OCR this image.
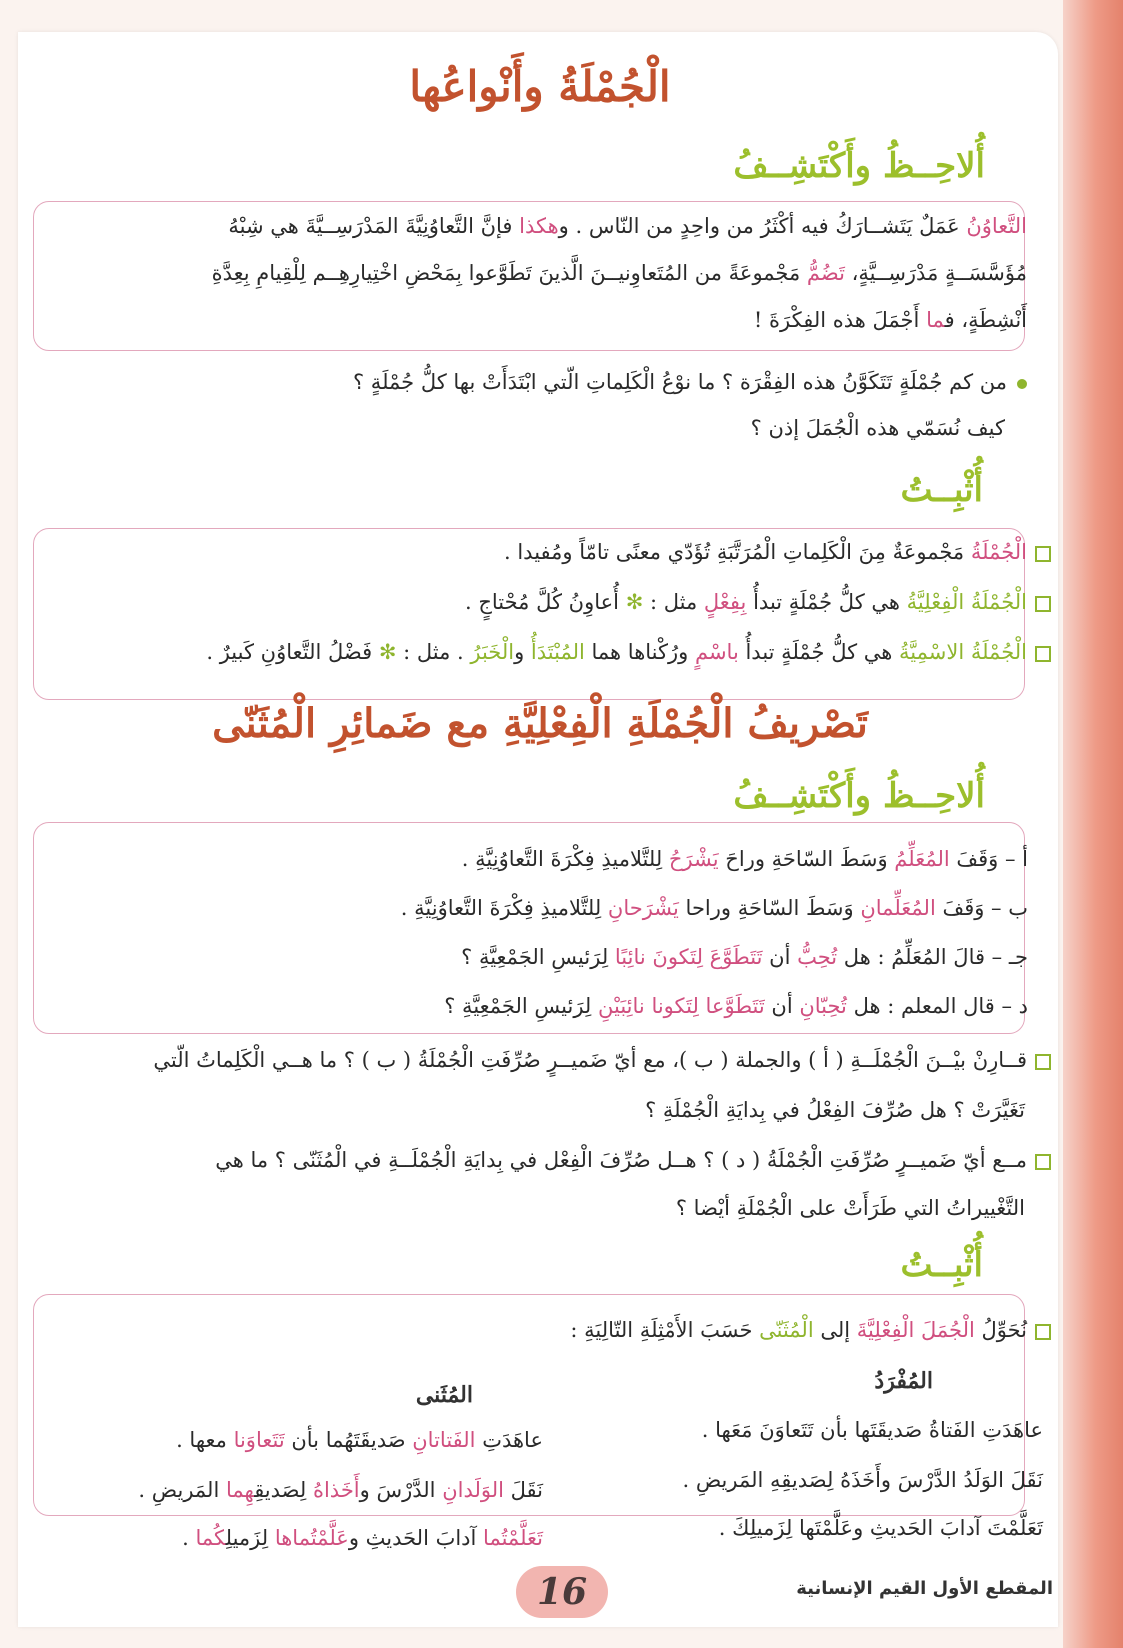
الْجُمْلَةُ وأَنْواعُها
أُلاحِــظُ وأَكْتَشِــفُ
التَّعاوُنُ عَمَلٌ يَتَشــارَكُ فيه أكْثَرُ من واحِدٍ من النّاس . وهكذا فإنَّ التَّعاوُنِيَّةَ المَدْرَسِــيَّةَ هي شِبْهُ
مُؤَسَّسَــةٍ مَدْرَسِــيَّةٍ، تَضُمُّ مَجْموعَةً من المُتَعاوِنيــنَ الَّذينَ تَطَوَّعوا بِمَحْضِ اخْتِيارِهِــم لِلْقِيامِ بِعِدَّةِ
أَنْشِطَةٍ، فما أَجْمَلَ هذه الفِكْرَةَ !
من كم جُمْلَةٍ تَتَكَوَّنُ هذه الفِقْرَة ؟ ما نوْعُ الْكَلِماتِ الّتي ابْتَدَأَتْ بها كلُّ جُمْلَةٍ ؟
كيف نُسَمّي هذه الْجُمَلَ إذن ؟
أُثْبِــتُ
الْجُمْلَةُ مَجْموعَةٌ مِنَ الْكَلِماتِ الْمُرَتَّبَةِ تُؤَدّي معنًى تامّاً ومُفيدا .
الْجُمْلَةُ الْفِعْلِيَّةُ هي كلُّ جُمْلَةٍ تبدأُ بِفِعْلٍ مثل : ✻ أُعاوِنُ كُلَّ مُحْتاجٍ .
الْجُمْلَةُ الاسْمِيَّةُ هي كلُّ جُمْلَةٍ تبدأُ باسْمٍ ورُكْناها هما المُبْتَدَأُ والْخَبَرُ . مثل : ✻ فَضْلُ التَّعاوُنِ كَبيرٌ .
تَصْريفُ الْجُمْلَةِ الْفِعْلِيَّةِ مع ضَمائِرِ الْمُثَنّى
أُلاحِــظُ وأَكْتَشِــفُ
أ – وَقَفَ المُعَلِّمُ وَسَطَ السّاحَةِ وراحَ يَشْرَحُ لِلتَّلاميذِ فِكْرَةَ التَّعاوُنِيَّةِ .
ب – وَقَفَ المُعَلِّمانِ وَسَطَ السّاحَةِ وراحا يَشْرَحانِ لِلتَّلاميذِ فِكْرَةَ التَّعاوُنِيَّةِ .
جـ – قالَ المُعَلِّمُ : هل تُحِبُّ أن تَتَطَوَّعَ لِتَكونَ نائِبًا لِرَئيسِ الجَمْعِيَّةِ ؟
د – قال المعلم : هل تُحِبّانِ أن تَتَطَوَّعا لِتَكونا نائِبَيْنِ لِرَئيسِ الجَمْعِيَّةِ ؟
قــارِنْ بيْــنَ الْجُمْلَــةِ ( أ ) والجملة ( ب )، مع أيّ ضَميــرٍ صُرِّفَتِ الْجُمْلَةُ ( ب ) ؟ ما هــي الْكَلِماتُ الّتي
تَغَيَّرَتْ ؟ هل صُرِّفَ الفِعْلُ في بِدايَةِ الْجُمْلَةِ ؟
مــع أيّ ضَميــرٍ صُرِّفَتِ الْجُمْلَةُ ( د ) ؟ هــل صُرِّفَ الْفِعْل في بِدايَةِ الْجُمْلَــةِ في الْمُثَنّى ؟ ما هي
التَّغْييراتُ التي طَرَأَتْ على الْجُمْلَةِ أيْضا ؟
أُثْبِــتُ
نُحَوِّلُ الْجُمَلَ الْفِعْلِيَّةَ إلى الْمُثَنّى حَسَبَ الأَمْثِلَةِ التّالِيَةِ :
المُفْرَدُ
المُثَنى
عاهَدَتِ الفَتاةُ صَديقَتَها بأن تَتَعاوَنَ مَعَها .
نَقَلَ الوَلَدُ الدَّرْسَ وأَخَذَهُ لِصَديقِهِ المَريضِ .
تَعَلَّمْتَ آدابَ الحَديثِ وعَلَّمْتَها لِزَميلِكَ .
عاهَدَتِ الفَتاتانِ صَديقَتَهُما بأن تَتَعاوَنا معها .
نَقَلَ الوَلَدانِ الدَّرْسَ وأَخَذاهُ لِصَديقِهِما المَريضِ .
تَعَلَّمْتُما آدابَ الحَديثِ وعَلَّمْتُماها لِزَميلِكُما .
16	المقطع الأول القيم الإنسانية
